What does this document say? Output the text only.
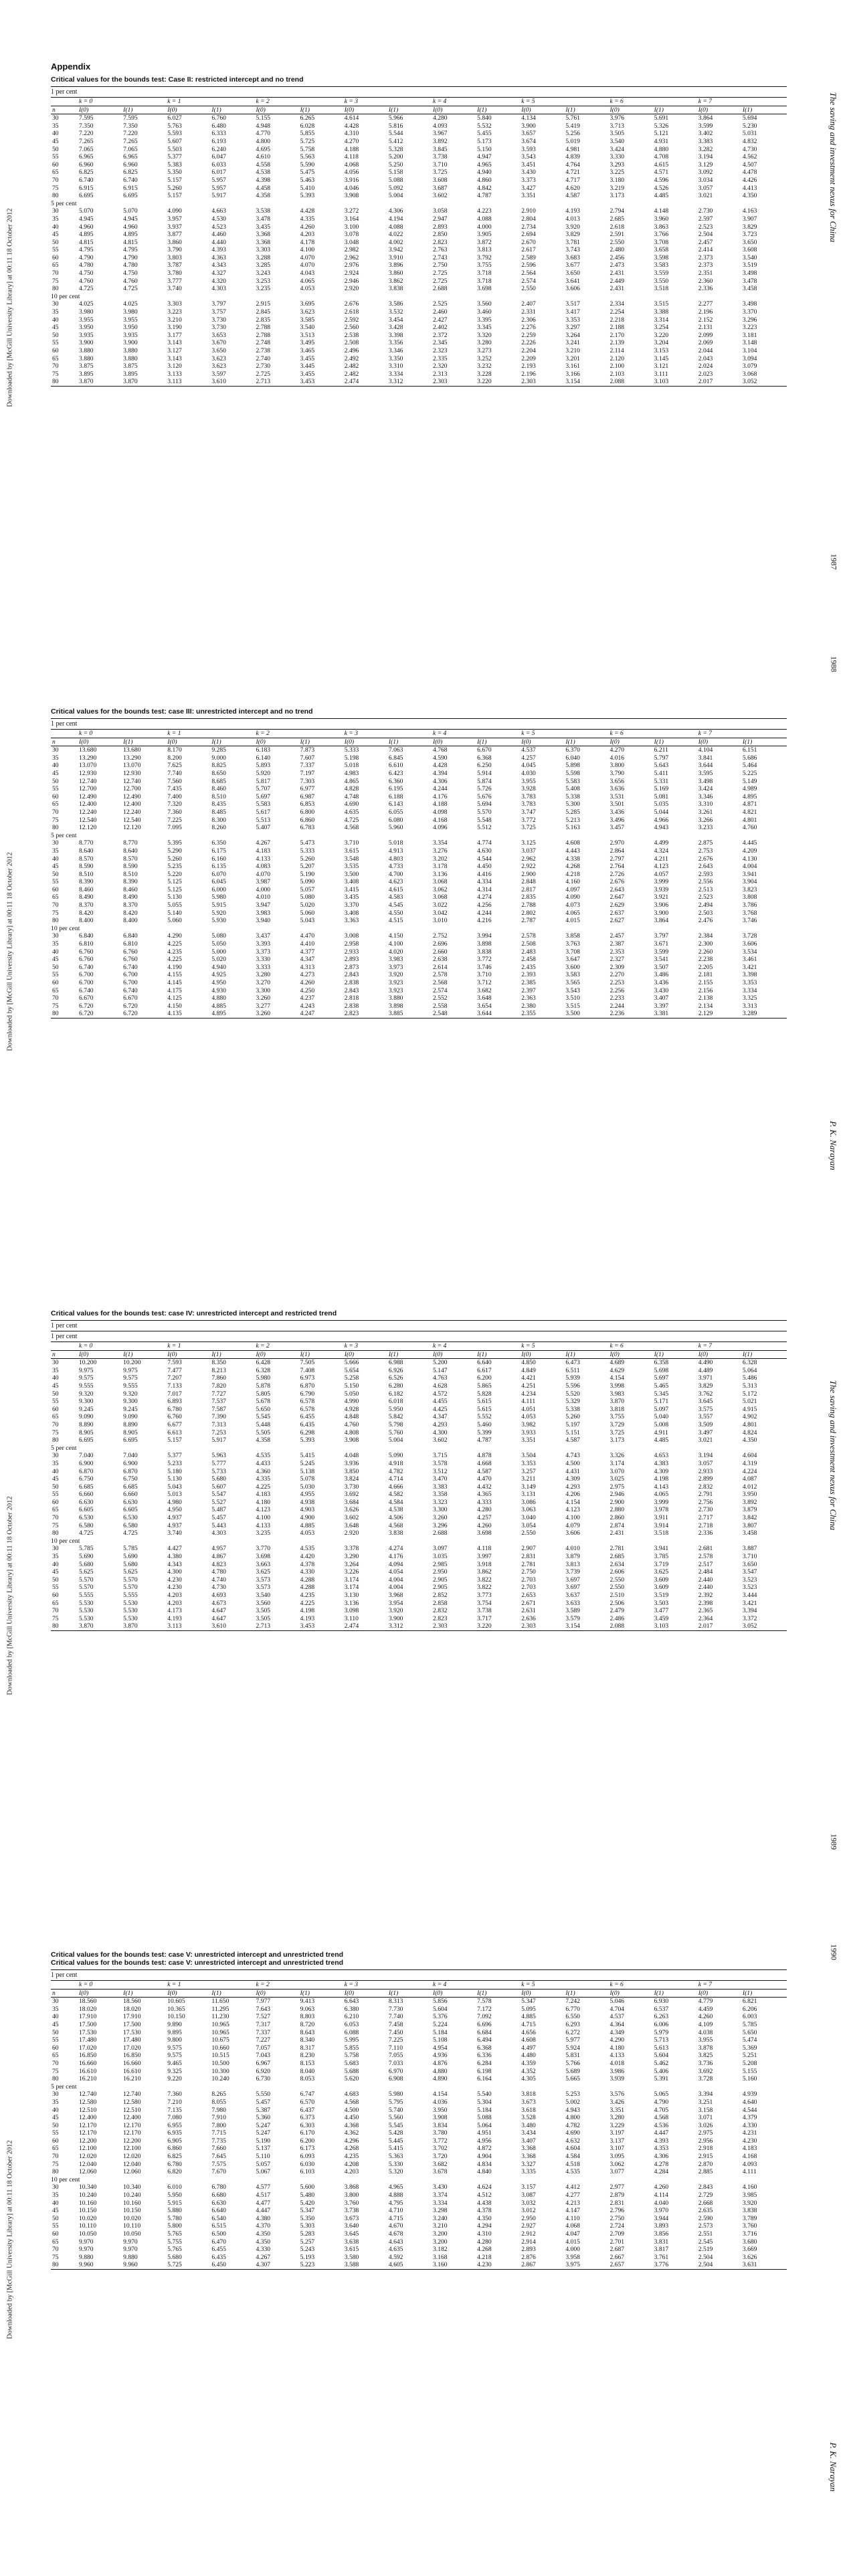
Downloaded by [McGill University Library] at 00:11 18 October 2012
The saving and investment nexus for China
1987
Appendix
Critical values for the bounds test: Case II: restricted intercept and no trend
1 per cent
	k = 0		k = 1		k = 2		k = 3		k = 4		k = 5		k = 6		k = 7	
n	I(0)	I(1)	I(0)	I(1)	I(0)	I(1)	I(0)	I(1)	I(0)	I(1)	I(0)	I(1)	I(0)	I(1)	I(0)	I(1)
30	7.595	7.595	6.027	6.760	5.155	6.265	4.614	5.966	4.280	5.840	4.134	5.761	3.976	5.691	3.864	5.694
35	7.350	7.350	5.763	6.480	4.948	6.028	4.428	5.816	4.093	5.532	3.900	5.419	3.713	5.326	3.599	5.230
40	7.220	7.220	5.593	6.333	4.770	5.855	4.310	5.544	3.967	5.455	3.657	5.256	3.505	5.121	3.402	5.031
45	7.265	7.265	5.607	6.193	4.800	5.725	4.270	5.412	3.892	5.173	3.674	5.019	3.540	4.931	3.383	4.832
50	7.065	7.065	5.503	6.240	4.695	5.758	4.188	5.328	3.845	5.150	3.593	4.981	3.424	4.880	3.282	4.730
55	6.965	6.965	5.377	6.047	4.610	5.563	4.118	5.200	3.738	4.947	3.543	4.839	3.330	4.708	3.194	4.562
60	6.960	6.960	5.383	6.033	4.558	5.590	4.068	5.250	3.710	4.965	3.451	4.764	3.293	4.615	3.129	4.507
65	6.825	6.825	5.350	6.017	4.538	5.475	4.056	5.158	3.725	4.940	3.430	4.721	3.225	4.571	3.092	4.478
70	6.740	6.740	5.157	5.957	4.398	5.463	3.916	5.088	3.608	4.860	3.373	4.717	3.180	4.596	3.034	4.426
75	6.915	6.915	5.260	5.957	4.458	5.410	4.046	5.092	3.687	4.842	3.427	4.620	3.219	4.526	3.057	4.413
80	6.695	6.695	5.157	5.917	4.358	5.393	3.908	5.004	3.602	4.787	3.351	4.587	3.173	4.485	3.021	4.350
5 per cent																
30	5.070	5.070	4.090	4.663	3.538	4.428	3.272	4.306	3.058	4.223	2.910	4.193	2.794	4.148	2.730	4.163
35	4.945	4.945	3.957	4.530	3.478	4.335	3.164	4.194	2.947	4.088	2.804	4.013	2.685	3.960	2.597	3.907
40	4.960	4.960	3.937	4.523	3.435	4.260	3.100	4.088	2.893	4.000	2.734	3.920	2.618	3.863	2.523	3.829
45	4.895	4.895	3.877	4.460	3.368	4.203	3.078	4.022	2.850	3.905	2.694	3.829	2.591	3.766	2.504	3.723
50	4.815	4.815	3.860	4.440	3.368	4.178	3.048	4.002	2.823	3.872	2.670	3.781	2.550	3.708	2.457	3.650
55	4.795	4.795	3.790	4.393	3.303	4.100	2.982	3.942	2.763	3.813	2.617	3.743	2.480	3.658	2.414	3.608
60	4.790	4.790	3.803	4.363	3.288	4.070	2.962	3.910	2.743	3.792	2.589	3.683	2.456	3.598	2.373	3.540
65	4.780	4.780	3.787	4.343	3.285	4.070	2.976	3.896	2.750	3.755	2.596	3.677	2.473	3.583	2.373	3.519
70	4.750	4.750	3.780	4.327	3.243	4.043	2.924	3.860	2.725	3.718	2.564	3.650	2.431	3.559	2.351	3.498
75	4.760	4.760	3.777	4.320	3.253	4.065	2.946	3.862	2.725	3.718	2.574	3.641	2.449	3.550	2.360	3.478
80	4.725	4.725	3.740	4.303	3.235	4.053	2.920	3.838	2.688	3.698	2.550	3.606	2.431	3.518	2.336	3.458
10 per cent																
30	4.025	4.025	3.303	3.797	2.915	3.695	2.676	3.586	2.525	3.560	2.407	3.517	2.334	3.515	2.277	3.498
35	3.980	3.980	3.223	3.757	2.845	3.623	2.618	3.532	2.460	3.460	2.331	3.417	2.254	3.388	2.196	3.370
40	3.955	3.955	3.210	3.730	2.835	3.585	2.592	3.454	2.427	3.395	2.306	3.353	2.218	3.314	2.152	3.296
45	3.950	3.950	3.190	3.730	2.788	3.540	2.560	3.428	2.402	3.345	2.276	3.297	2.188	3.254	2.131	3.223
50	3.935	3.935	3.177	3.653	2.788	3.513	2.538	3.398	2.372	3.320	2.259	3.264	2.170	3.220	2.099	3.181
55	3.900	3.900	3.143	3.670	2.748	3.495	2.508	3.356	2.345	3.280	2.226	3.241	2.139	3.204	2.069	3.148
60	3.880	3.880	3.127	3.650	2.738	3.465	2.496	3.346	2.323	3.273	2.204	3.210	2.114	3.153	2.044	3.104
65	3.880	3.880	3.143	3.623	2.740	3.455	2.492	3.350	2.335	3.252	2.209	3.201	2.120	3.145	2.043	3.094
70	3.875	3.875	3.120	3.623	2.730	3.445	2.482	3.310	2.320	3.232	2.193	3.161	2.100	3.121	2.024	3.079
75	3.895	3.895	3.133	3.597	2.725	3.455	2.482	3.334	2.313	3.228	2.196	3.166	2.103	3.111	2.023	3.068
80	3.870	3.870	3.113	3.610	2.713	3.453	2.474	3.312	2.303	3.220	2.303	3.154	2.088	3.103	2.017	3.052
Downloaded by [McGill University Library] at 00:11 18 October 2012
1988
P. K. Narayan
Critical values for the bounds test: case III: unrestricted intercept and no trend
1 per cent
	k = 0		k = 1		k = 2		k = 3		k = 4		k = 5		k = 6		k = 7	
n	I(0)	I(1)	I(0)	I(1)	I(0)	I(1)	I(0)	I(1)	I(0)	I(1)	I(0)	I(1)	I(0)	I(1)	I(0)	I(1)
30	13.680	13.680	8.170	9.285	6.183	7.873	5.333	7.063	4.768	6.670	4.537	6.370	4.270	6.211	4.104	6.151
35	13.290	13.290	8.200	9.000	6.140	7.607	5.198	6.845	4.590	6.368	4.257	6.040	4.016	5.797	3.841	5.686
40	13.070	13.070	7.625	8.825	5.893	7.337	5.018	6.610	4.428	6.250	4.045	5.898	3.800	5.643	3.644	5.464
45	12.930	12.930	7.740	8.650	5.920	7.197	4.983	6.423	4.394	5.914	4.030	5.598	3.790	5.411	3.595	5.225
50	12.740	12.740	7.560	8.685	5.817	7.303	4.865	6.360	4.306	5.874	3.955	5.583	3.656	5.331	3.498	5.149
55	12.700	12.700	7.435	8.460	5.707	6.977	4.828	6.195	4.244	5.726	3.928	5.408	3.636	5.169	3.424	4.989
60	12.490	12.490	7.400	8.510	5.697	6.987	4.748	6.188	4.176	5.676	3.783	5.338	3.531	5.081	3.346	4.895
65	12.400	12.400	7.320	8.435	5.583	6.853	4.690	6.143	4.188	5.694	3.783	5.300	3.501	5.035	3.310	4.871
70	12.240	12.240	7.360	8.485	5.617	6.800	4.635	6.055	4.098	5.570	3.747	5.285	3.436	5.044	3.261	4.821
75	12.540	12.540	7.225	8.300	5.513	6.860	4.725	6.080	4.168	5.548	3.772	5.213	3.496	4.966	3.266	4.801
80	12.120	12.120	7.095	8.260	5.407	6.783	4.568	5.960	4.096	5.512	3.725	5.163	3.457	4.943	3.233	4.760
5 per cent																
30	8.770	8.770	5.395	6.350	4.267	5.473	3.710	5.018	3.354	4.774	3.125	4.608	2.970	4.499	2.875	4.445
35	8.640	8.640	5.290	6.175	4.183	5.333	3.615	4.913	3.276	4.630	3.037	4.443	2.864	4.324	2.753	4.209
40	8.570	8.570	5.260	6.160	4.133	5.260	3.548	4.803	3.202	4.544	2.962	4.338	2.797	4.211	2.676	4.130
45	8.590	8.590	5.235	6.135	4.083	5.207	3.535	4.733	3.178	4.450	2.922	4.268	2.764	4.123	2.643	4.004
50	8.510	8.510	5.220	6.070	4.070	5.190	3.500	4.700	3.136	4.416	2.900	4.218	2.726	4.057	2.593	3.941
55	8.390	8.390	5.125	6.045	3.987	5.090	3.408	4.623	3.068	4.334	2.848	4.160	2.676	3.999	2.556	3.904
60	8.460	8.460	5.125	6.000	4.000	5.057	3.415	4.615	3.062	4.314	2.817	4.097	2.643	3.939	2.513	3.823
65	8.490	8.490	5.130	5.980	4.010	5.080	3.435	4.583	3.068	4.274	2.835	4.090	2.647	3.921	2.523	3.808
70	8.370	8.370	5.055	5.915	3.947	5.020	3.370	4.545	3.022	4.256	2.788	4.073	2.629	3.906	2.494	3.786
75	8.420	8.420	5.140	5.920	3.983	5.060	3.408	4.550	3.042	4.244	2.802	4.065	2.637	3.900	2.503	3.768
80	8.400	8.400	5.060	5.930	3.940	5.043	3.363	4.515	3.010	4.216	2.787	4.015	2.627	3.864	2.476	3.746
10 per cent																
30	6.840	6.840	4.290	5.080	3.437	4.470	3.008	4.150	2.752	3.994	2.578	3.858	2.457	3.797	2.384	3.728
35	6.810	6.810	4.225	5.050	3.393	4.410	2.958	4.100	2.696	3.898	2.508	3.763	2.387	3.671	2.300	3.606
40	6.760	6.760	4.235	5.000	3.373	4.377	2.933	4.020	2.660	3.838	2.483	3.708	2.353	3.599	2.260	3.534
45	6.760	6.760	4.225	5.020	3.330	4.347	2.893	3.983	2.638	3.772	2.458	3.647	2.327	3.541	2.238	3.461
50	6.740	6.740	4.190	4.940	3.333	4.313	2.873	3.973	2.614	3.746	2.435	3.600	2.309	3.507	2.205	3.421
55	6.700	6.700	4.155	4.925	3.280	4.273	2.843	3.920	2.578	3.710	2.393	3.583	2.270	3.486	2.181	3.398
60	6.700	6.700	4.145	4.950	3.270	4.260	2.838	3.923	2.568	3.712	2.385	3.565	2.253	3.436	2.155	3.353
65	6.740	6.740	4.175	4.930	3.300	4.250	2.843	3.923	2.574	3.682	2.397	3.543	2.256	3.430	2.156	3.334
70	6.670	6.670	4.125	4.880	3.260	4.237	2.818	3.880	2.552	3.648	2.363	3.510	2.233	3.407	2.138	3.325
75	6.720	6.720	4.150	4.885	3.277	4.243	2.838	3.898	2.558	3.654	2.380	3.515	2.244	3.397	2.134	3.313
80	6.720	6.720	4.135	4.895	3.260	4.247	2.823	3.885	2.548	3.644	2.355	3.500	2.236	3.381	2.129	3.289
Downloaded by [McGill University Library] at 00:11 18 October 2012
The saving and investment nexus for China
1989
Critical values for the bounds test: case IV: unrestricted intercept and restricted trend
1 per cent
1 per cent
	k = 0		k = 1		k = 2		k = 3		k = 4		k = 5		k = 6		k = 7	
n	I(0)	I(1)	I(0)	I(1)	I(0)	I(1)	I(0)	I(1)	I(0)	I(1)	I(0)	I(1)	I(0)	I(1)	I(0)	I(1)
30	10.200	10.200	7.593	8.350	6.428	7.505	5.666	6.988	5.200	6.640	4.850	6.473	4.689	6.358	4.490	6.328
35	9.975	9.975	7.477	8.213	6.328	7.408	5.654	6.926	5.147	6.617	4.849	6.511	4.629	5.698	4.489	5.064
40	9.575	9.575	7.207	7.860	5.980	6.973	5.258	6.526	4.763	6.200	4.421	5.939	4.154	5.697	3.971	5.486
45	9.555	9.555	7.133	7.820	5.878	6.870	5.150	6.280	4.628	5.865	4.251	5.596	3.998	5.465	3.829	5.313
50	9.320	9.320	7.017	7.727	5.805	6.790	5.050	6.182	4.572	5.828	4.234	5.520	3.983	5.345	3.762	5.172
55	9.300	9.300	6.893	7.537	5.678	6.578	4.990	6.018	4.455	5.615	4.111	5.329	3.870	5.171	3.645	5.021
60	9.245	9.245	6.780	7.587	5.650	6.578	4.928	5.950	4.425	5.615	4.051	5.338	3.818	5.097	3.575	4.915
65	9.090	9.090	6.760	7.390	5.545	6.455	4.848	5.842	4.347	5.552	4.053	5.260	3.755	5.040	3.557	4.902
70	8.890	8.890	6.677	7.313	5.448	6.435	4.760	5.798	4.293	5.460	3.982	5.197	3.729	5.008	3.509	4.801
75	8.905	8.905	6.613	7.253	5.505	6.298	4.808	5.760	4.300	5.399	3.933	5.151	3.725	4.911	3.497	4.824
80	6.695	6.695	5.157	5.917	4.358	5.393	3.908	5.004	3.602	4.787	3.351	4.587	3.173	4.485	3.021	4.350
5 per cent																
30	7.040	7.040	5.377	5.963	4.535	5.415	4.048	5.090	3.715	4.878	3.504	4.743	3.326	4.653	3.194	4.604
35	6.900	6.900	5.233	5.777	4.433	5.245	3.936	4.918	3.578	4.668	3.353	4.500	3.174	4.383	3.057	4.319
40	6.870	6.870	5.180	5.733	4.360	5.138	3.850	4.782	3.512	4.587	3.257	4.431	3.070	4.309	2.933	4.224
45	6.750	6.750	5.130	5.680	4.335	5.078	3.824	4.714	3.470	4.470	3.211	4.309	3.025	4.198	2.899	4.087
50	6.685	6.685	5.043	5.607	4.225	5.030	3.730	4.666	3.383	4.432	3.149	4.293	2.975	4.143	2.832	4.012
55	6.660	6.660	5.013	5.547	4.183	4.955	3.692	4.582	3.358	4.365	3.131	4.206	2.946	4.065	2.791	3.950
60	6.630	6.630	4.980	5.527	4.180	4.938	3.684	4.584	3.323	4.333	3.086	4.154	2.900	3.999	2.756	3.892
65	6.605	6.605	4.950	5.487	4.123	4.903	3.626	4.538	3.300	4.280	3.063	4.123	2.880	3.978	2.730	3.879
70	6.530	6.530	4.937	5.457	4.100	4.900	3.602	4.506	3.260	4.257	3.040	4.100	2.860	3.911	2.717	3.842
75	6.580	6.580	4.937	5.443	4.133	4.885	3.648	4.568	3.296	4.260	3.054	4.079	2.874	3.914	2.718	3.807
80	4.725	4.725	3.740	4.303	3.235	4.053	2.920	3.838	2.688	3.698	2.550	3.606	2.431	3.518	2.336	3.458
10 per cent																
30	5.785	5.785	4.427	4.957	3.770	4.535	3.378	4.274	3.097	4.118	2.907	4.010	2.781	3.941	2.681	3.887
35	5.690	5.690	4.380	4.867	3.698	4.420	3.290	4.176	3.035	3.997	2.831	3.879	2.685	3.785	2.578	3.710
40	5.680	5.680	4.343	4.823	3.663	4.378	3.264	4.094	2.985	3.918	2.781	3.813	2.634	3.719	2.517	3.650
45	5.625	5.625	4.300	4.780	3.625	4.330	3.226	4.054	2.950	3.862	2.750	3.739	2.606	3.625	2.484	3.547
50	5.570	5.570	4.230	4.740	3.573	4.288	3.174	4.004	2.905	3.822	2.703	3.697	2.550	3.609	2.440	3.523
55	5.570	5.570	4.230	4.730	3.573	4.288	3.174	4.004	2.905	3.822	2.703	3.697	2.550	3.609	2.440	3.523
60	5.555	5.555	4.203	4.693	3.540	4.235	3.130	3.968	2.852	3.773	2.653	3.637	2.510	3.519	2.392	3.444
65	5.530	5.530	4.203	4.673	3.560	4.225	3.136	3.954	2.858	3.754	2.671	3.633	2.506	3.503	2.398	3.421
70	5.530	5.530	4.173	4.647	3.505	4.198	3.098	3.920	2.832	3.738	2.631	3.589	2.479	3.477	2.365	3.394
75	5.530	5.530	4.193	4.647	3.505	4.193	3.110	3.900	2.823	3.717	2.636	3.579	2.486	3.459	2.364	3.372
80	3.870	3.870	3.113	3.610	2.713	3.453	2.474	3.312	2.303	3.220	2.303	3.154	2.088	3.103	2.017	3.052
Downloaded by [McGill University Library] at 00:11 18 October 2012
1990
P. K. Narayan
Critical values for the bounds test: case V: unrestricted intercept and unrestricted trend
Critical values for the bounds test: case V: unrestricted intercept and unrestricted trend
1 per cent
	k = 0		k = 1		k = 2		k = 3		k = 4		k = 5		k = 6		k = 7	
n	I(0)	I(1)	I(0)	I(1)	I(0)	I(1)	I(0)	I(1)	I(0)	I(1)	I(0)	I(1)	I(0)	I(1)	I(0)	I(1)
30	18.560	18.560	10.605	11.650	7.977	9.413	6.643	8.313	5.856	7.578	5.347	7.242	5.046	6.930	4.779	6.821
35	18.020	18.020	10.365	11.295	7.643	9.063	6.380	7.730	5.604	7.172	5.095	6.770	4.704	6.537	4.459	6.206
40	17.910	17.910	10.150	11.230	7.527	8.803	6.210	7.740	5.376	7.092	4.885	6.550	4.537	6.263	4.260	6.003
45	17.500	17.500	9.890	10.965	7.317	8.720	6.053	7.458	5.224	6.696	4.715	6.293	4.364	6.006	4.109	5.785
50	17.530	17.530	9.895	10.965	7.337	8.643	6.088	7.450	5.184	6.684	4.656	6.272	4.349	5.979	4.038	5.650
55	17.480	17.480	9.800	10.675	7.227	8.340	5.995	7.225	5.108	6.494	4.608	5.977	4.290	5.713	3.955	5.474
60	17.020	17.020	9.575	10.660	7.057	8.317	5.855	7.110	4.954	6.368	4.497	5.924	4.180	5.613	3.878	5.369
65	16.850	16.850	9.575	10.515	7.043	8.230	5.758	7.055	4.936	6.336	4.480	5.831	4.133	5.604	3.825	5.251
70	16.660	16.660	9.465	10.500	6.967	8.153	5.683	7.033	4.876	6.284	4.359	5.766	4.018	5.462	3.736	5.208
75	16.610	16.610	9.325	10.300	6.920	8.040	5.688	6.970	4.880	6.198	4.352	5.689	3.986	5.406	3.692	5.155
80	16.210	16.210	9.220	10.240	6.730	8.053	5.620	6.908	4.890	6.164	4.305	5.665	3.939	5.391	3.728	5.160
5 per cent																
30	12.740	12.740	7.360	8.265	5.550	6.747	4.683	5.980	4.154	5.540	3.818	5.253	3.576	5.065	3.394	4.939
35	12.580	12.580	7.210	8.055	5.457	6.570	4.568	5.795	4.036	5.304	3.673	5.002	3.426	4.790	3.251	4.640
40	12.510	12.510	7.135	7.980	5.387	6.437	4.500	5.740	3.950	5.184	3.618	4.943	3.351	4.705	3.158	4.544
45	12.400	12.400	7.080	7.910	5.360	6.373	4.450	5.560	3.908	5.088	3.528	4.800	3.280	4.568	3.071	4.379
50	12.170	12.170	6.955	7.800	5.247	6.303	4.368	5.545	3.834	5.064	3.480	4.782	3.229	4.536	3.026	4.330
55	12.170	12.170	6.935	7.715	5.247	6.170	4.362	5.428	3.780	4.951	3.434	4.690	3.197	4.447	2.975	4.231
60	12.200	12.200	6.905	7.735	5.190	6.200	4.296	5.445	3.772	4.956	3.407	4.632	3.137	4.393	2.956	4.230
65	12.100	12.100	6.860	7.660	5.137	6.173	4.268	5.415	3.702	4.872	3.368	4.604	3.107	4.353	2.918	4.183
70	12.020	12.020	6.825	7.645	5.110	6.093	4.235	5.363	3.720	4.904	3.368	4.584	3.095	4.306	2.915	4.168
75	12.040	12.040	6.780	7.575	5.057	6.030	4.208	5.330	3.682	4.834	3.327	4.518	3.062	4.278	2.870	4.093
80	12.060	12.060	6.820	7.670	5.067	6.103	4.203	5.320	3.678	4.840	3.335	4.535	3.077	4.284	2.885	4.111
10 per cent																
30	10.340	10.340	6.010	6.780	4.577	5.600	3.868	4.965	3.430	4.624	3.157	4.412	2.977	4.260	2.843	4.160
35	10.240	10.240	5.950	6.680	4.517	5.480	3.800	4.888	3.374	4.512	3.087	4.277	2.879	4.114	2.729	3.985
40	10.160	10.160	5.915	6.630	4.477	5.420	3.760	4.795	3.334	4.438	3.032	4.213	2.831	4.040	2.668	3.920
45	10.150	10.150	5.880	6.640	4.447	5.347	3.738	4.710	3.298	4.378	3.012	4.147	2.796	3.970	2.635	3.838
50	10.020	10.020	5.780	6.540	4.380	5.350	3.673	4.715	3.240	4.350	2.950	4.110	2.750	3.944	2.590	3.789
55	10.110	10.110	5.800	6.515	4.370	5.303	3.640	4.670	3.210	4.294	2.927	4.068	2.724	3.893	2.573	3.760
60	10.050	10.050	5.765	6.500	4.350	5.283	3.645	4.678	3.200	4.310	2.912	4.047	2.709	3.856	2.551	3.716
65	9.970	9.970	5.755	6.470	4.350	5.257	3.638	4.643	3.200	4.280	2.914	4.015	2.701	3.831	2.545	3.680
70	9.970	9.970	5.765	6.455	4.330	5.243	3.615	4.635	3.182	4.268	2.893	4.000	2.687	3.817	2.519	3.669
75	9.880	9.880	5.680	6.435	4.267	5.193	3.580	4.592	3.168	4.218	2.876	3.958	2.667	3.761	2.504	3.626
80	9.960	9.960	5.725	6.450	4.307	5.223	3.588	4.605	3.160	4.230	2.867	3.975	2.657	3.776	2.504	3.631
